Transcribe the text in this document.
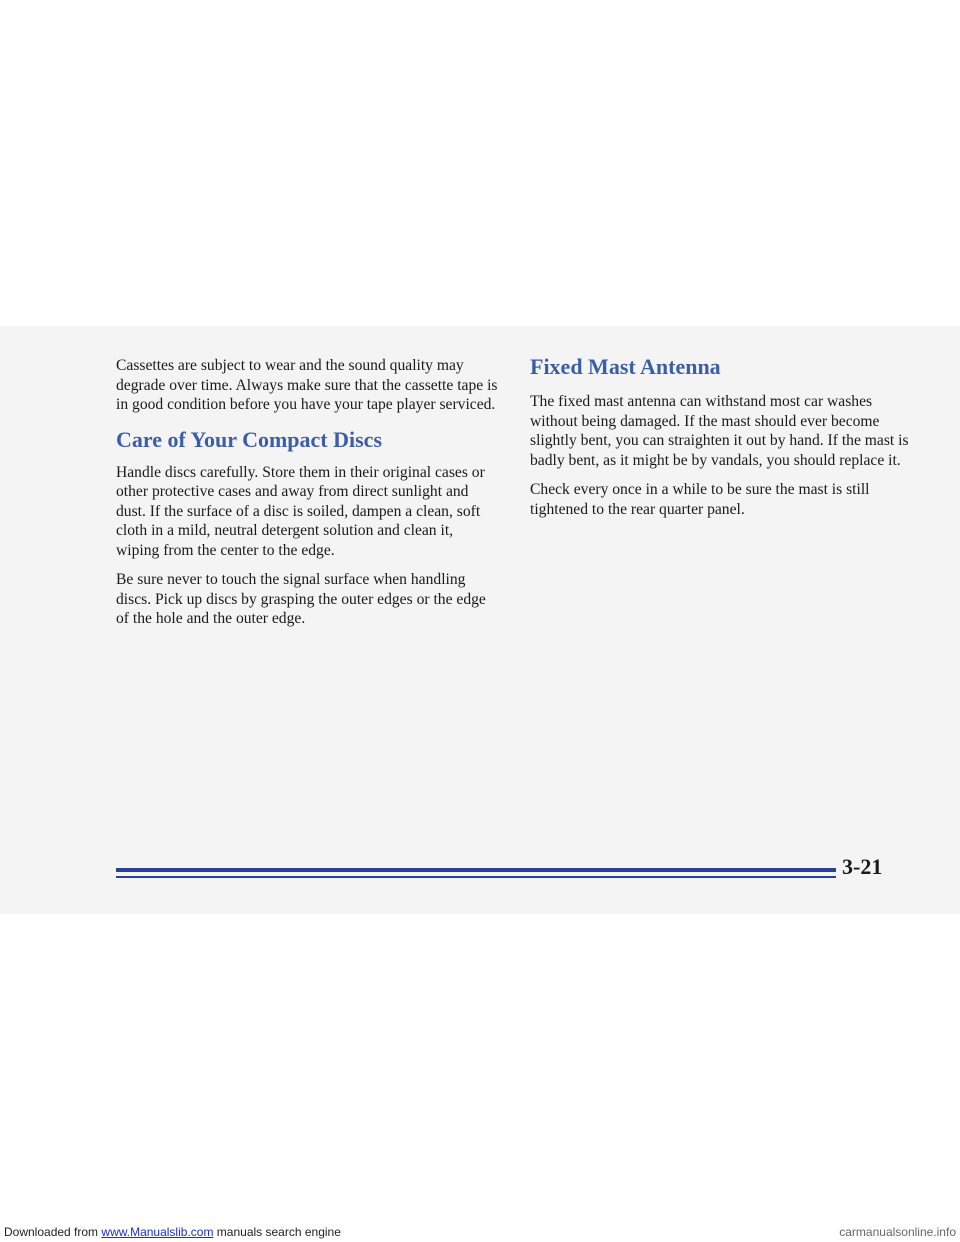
Cassettes are subject to wear and the sound quality may degrade over time. Always make sure that the cassette tape is in good condition before you have your tape player serviced.

Care of Your Compact Discs

Handle discs carefully. Store them in their original cases or other protective cases and away from direct sunlight and dust. If the surface of a disc is soiled, dampen a clean, soft cloth in a mild, neutral detergent solution and clean it, wiping from the center to the edge.

Be sure never to touch the signal surface when handling discs. Pick up discs by grasping the outer edges or the edge of the hole and the outer edge.

Fixed Mast Antenna

The fixed mast antenna can withstand most car washes without being damaged. If the mast should ever become slightly bent, you can straighten it out by hand. If the mast is badly bent, as it might be by vandals, you should replace it.

Check every once in a while to be sure the mast is still tightened to the rear quarter panel.

3-21
Downloaded from www.Manualslib.com manuals search engine	carmanualsonline.info
